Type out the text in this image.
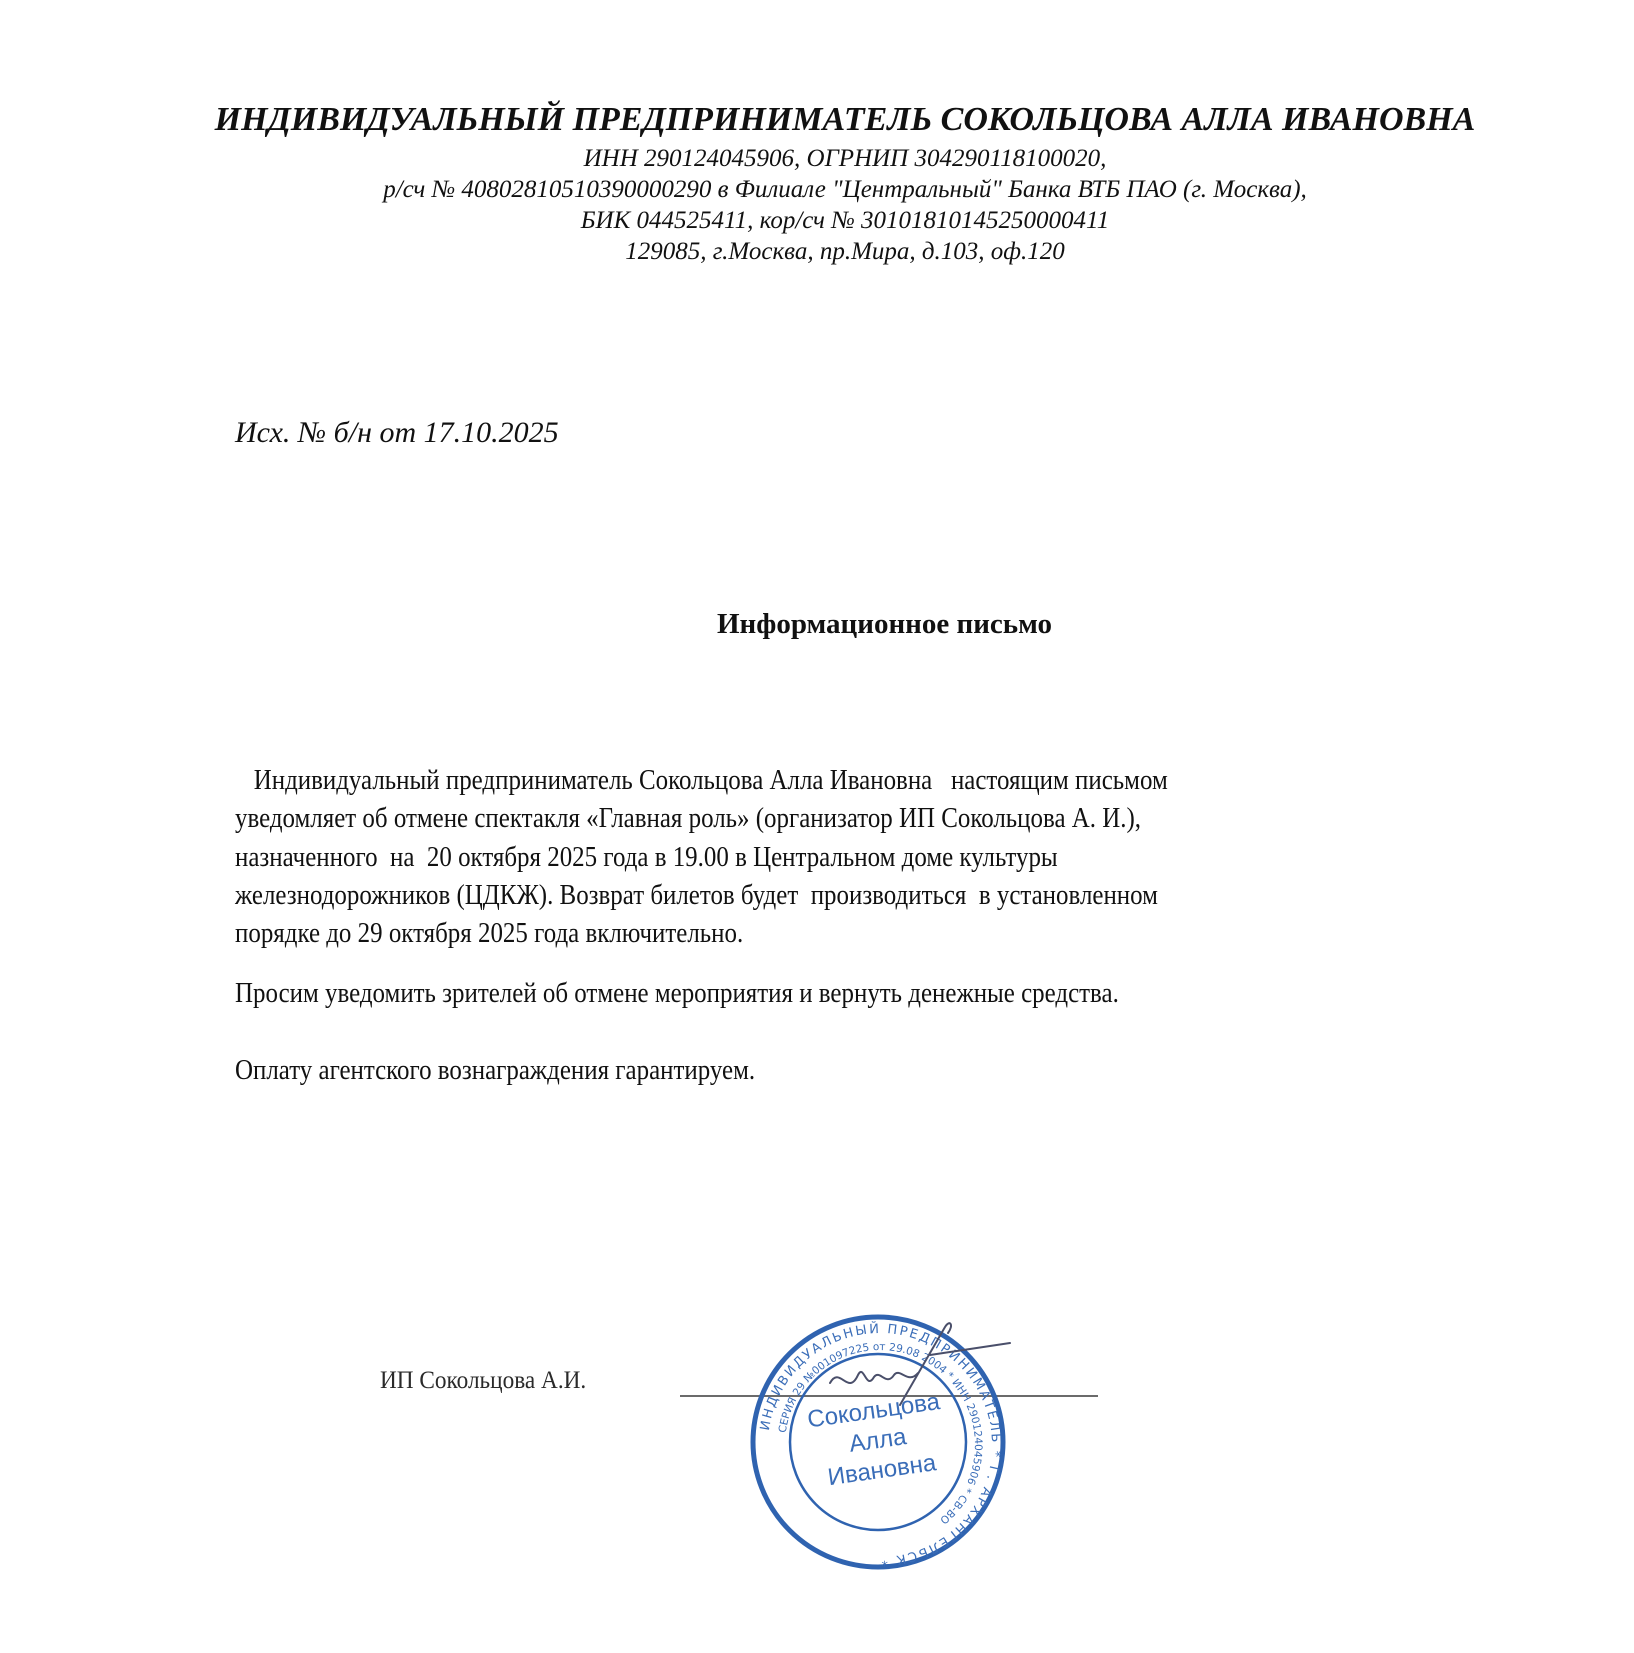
ИНДИВИДУАЛЬНЫЙ ПРЕДПРИНИМАТЕЛЬ СОКОЛЬЦОВА АЛЛА ИВАНОВНА
ИНН 290124045906, ОГРНИП 304290118100020,
р/сч № 40802810510390000290 в Филиале "Центральный" Банка ВТБ ПАО (г. Москва),
БИК 044525411, кор/сч № 30101810145250000411
129085, г.Москва, пр.Мира, д.103, оф.120
Исх. № б/н от 17.10.2025
Информационное письмо
Индивидуальный предприниматель Сокольцова Алла Ивановна   настоящим письмом
уведомляет об отмене спектакля «Главная роль» (организатор ИП Сокольцова А. И.),
назначенного  на  20 октября 2025 года в 19.00 в Центральном доме культуры
железнодорожников (ЦДКЖ). Возврат билетов будет  производиться  в установленном
порядке до 29 октября 2025 года включительно.
Просим уведомить зрителей об отмене мероприятия и вернуть денежные средства.
Оплату агентского вознаграждения гарантируем.
ИП Сокольцова А.И.
ИНДИВИДУАЛЬНЫЙ ПРЕДПРИНИМАТЕЛЬ * Г. АРХАНГЕЛЬСК *
СЕРИЯ 29 №001097225 от 29.08 2004 * ИНН 290124045906 * СВ-ВО
Сокольцова
Алла
Ивановна
